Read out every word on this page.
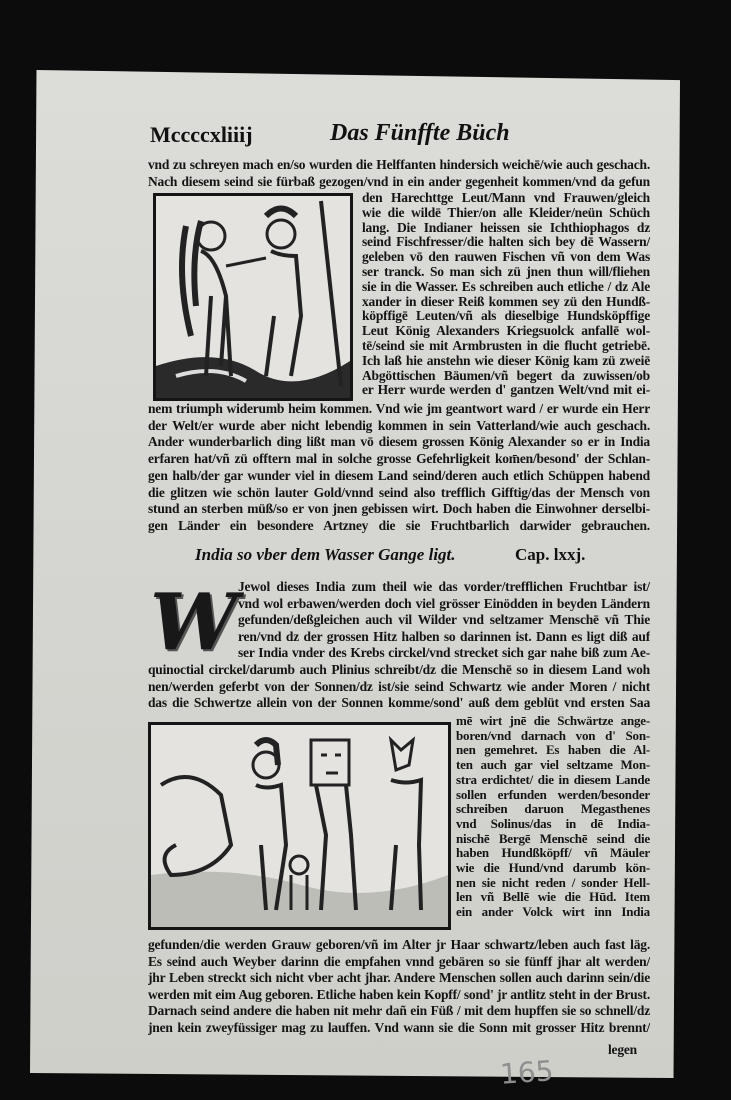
Mccccxliiij	Das Fünffte Büch
vnd zu schreyen mach en/so wurden die Helffanten hindersich weichē/wie auch geschach.
Nach diesem seind sie fürbaß gezogen/vnd in ein ander gegenheit kommen/vnd da gefun
den Harechttge Leut/Mann vnd Frauwen/gleich
wie die wildē Thier/on alle Kleider/neün Schüch
lang. Die Indianer heissen sie Ichthiophagos dz
seind Fischfresser/die halten sich bey dē Wassern/
geleben vō den rauwen Fischen vñ von dem Was
ser tranck. So man sich zü jnen thun will/fliehen
sie in die Wasser. Es schreiben auch etliche / dz Ale
xander in dieser Reiß kommen sey zü den Hundß-
köpffigē Leuten/vñ als dieselbige Hundsköpffige
Leut König Alexanders Kriegsuolck anfallē wol-
tē/seind sie mit Armbrusten in die flucht getriebē.
Ich laß hie anstehn wie dieser König kam zü zweiē
Abgöttischen Bäumen/vñ begert da zuwissen/ob
er Herr wurde werden d' gantzen Welt/vnd mit ei-
nem triumph widerumb heim kommen. Vnd wie jm geantwort ward / er wurde ein Herr
der Welt/er wurde aber nicht lebendig kommen in sein Vatterland/wie auch geschach.
Ander wunderbarlich ding lißt man vō diesem grossen König Alexander so er in India
erfaren hat/vñ zü offtern mal in solche grosse Gefehrligkeit kom̄en/besond' der Schlan-
gen halb/der gar wunder viel in diesem Land seind/deren auch etlich Schüppen habend
die glitzen wie schön lauter Gold/vnnd seind also trefflich Gifftig/das der Mensch von
stund an sterben müß/so er von jnen gebissen wirt. Doch haben die Einwohner derselbi-
gen Länder ein besondere Artzney die sie Fruchtbarlich darwider gebrauchen.
India so vber dem Wasser Gange ligt.	Cap. lxxj.
W Jewol dieses India zum theil wie das vorder/trefflichen Fruchtbar ist/
vnd wol erbawen/werden doch viel grösser Einödden in beyden Ländern
gefunden/deßgleichen auch vil Wilder vnd seltzamer Menschē vñ Thie
ren/vnd dz der grossen Hitz halben so darinnen ist. Dann es ligt diß auf
ser India vnder des Krebs circkel/vnd strecket sich gar nahe biß zum Ae-
quinoctial circkel/darumb auch Plinius schreibt/dz die Menschē so in diesem Land woh
nen/werden geferbt von der Sonnen/dz ist/sie seind Schwartz wie ander Moren / nicht
das die Schwertze allein von der Sonnen komme/sond' auß dem geblüt vnd ersten Saa
mē wirt jnē die Schwärtze ange-
boren/vnd darnach von d' Son-
nen gemehret. Es haben die Al-
ten auch gar viel seltzame Mon-
stra erdichtet/ die in diesem Lande
sollen erfunden werden/besonder
schreiben daruon Megasthenes
vnd Solinus/das in dē India-
nischē Bergē Menschē seind die
haben Hundßköpff/ vñ Mäuler
wie die Hund/vnd darumb kön-
nen sie nicht reden / sonder Hell-
len vñ Bellē wie die Hūd. Item
ein ander Volck wirt inn India
gefunden/die werden Grauw geboren/vñ im Alter jr Haar schwartz/leben auch fast läg.
Es seind auch Weyber darinn die empfahen vnnd gebären so sie fünff jhar alt werden/
jhr Leben streckt sich nicht vber acht jhar. Andere Menschen sollen auch darinn sein/die
werden mit eim Aug geboren. Etliche haben kein Kopff/ sond' jr antlitz steht in der Brust.
Darnach seind andere die haben nit mehr dañ ein Füß / mit dem hupffen sie so schnell/dz
jnen kein zweyfüssiger mag zu lauffen. Vnd wann sie die Sonn mit grosser Hitz brennt/
legen
165
